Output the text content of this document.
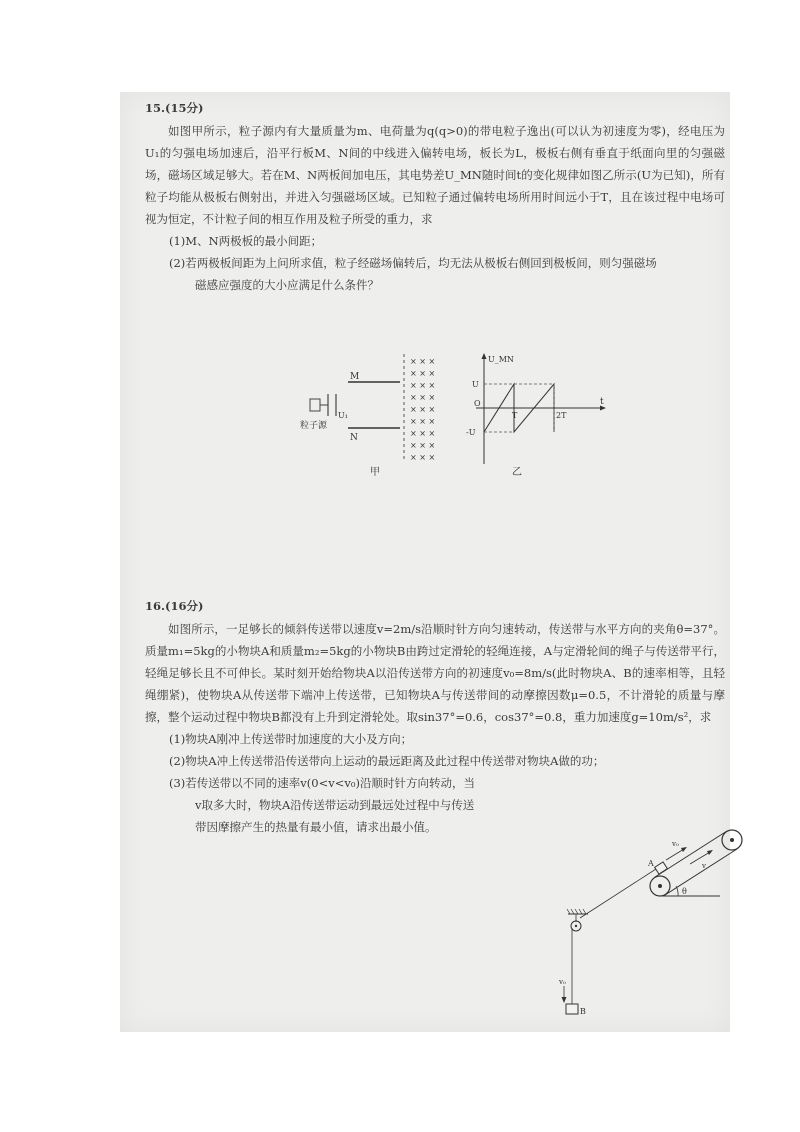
15.(15分)

如图甲所示，粒子源内有大量质量为m、电荷量为q(q>0)的带电粒子逸出(可以认为初速度为零)，经电压为U₁的匀强电场加速后，沿平行板M、N间的中线进入偏转电场，板长为L，极板右侧有垂直于纸面向里的匀强磁场，磁场区域足够大。若在M、N两板间加电压，其电势差U_MN随时间t的变化规律如图乙所示(U为已知)，所有粒子均能从极板右侧射出，并进入匀强磁场区域。已知粒子通过偏转电场所用时间远小于T，且在该过程中电场可视为恒定，不计粒子间的相互作用及粒子所受的重力，求

(1)M、N两极板的最小间距；
(2)若两极板间距为上问所求值，粒子经磁场偏转后，均无法从极板右侧回到极板间，则匀强磁场
磁感应强度的大小应满足什么条件？
× × ×
× × ×
× × ×
× × ×
× × ×
× × ×
× × ×
× × ×
× × ×
M
N
U₁
粒子源
甲
U_MN
t
U
O
-U
T	2T
乙
16.(16分)

如图所示，一足够长的倾斜传送带以速度v=2m/s沿顺时针方向匀速转动，传送带与水平方向的夹角θ=37°。质量m₁=5kg的小物块A和质量m₂=5kg的小物块B由跨过定滑轮的轻绳连接，A与定滑轮间的绳子与传送带平行，轻绳足够长且不可伸长。某时刻开始给物块A以沿传送带方向的初速度v₀=8m/s(此时物块A、B的速率相等，且轻绳绷紧)，使物块A从传送带下端冲上传送带，已知物块A与传送带间的动摩擦因数μ=0.5，不计滑轮的质量与摩擦，整个运动过程中物块B都没有上升到定滑轮处。取sin37°=0.6，cos37°=0.8，重力加速度g=10m/s²，求

(1)物块A刚冲上传送带时加速度的大小及方向；
(2)物块A冲上传送带沿传送带向上运动的最远距离及此过程中传送带对物块A做的功；
(3)若传送带以不同的速率v(0<v<v₀)沿顺时针方向转动，当
v取多大时，物块A沿传送带运动到最远处过程中与传送
带因摩擦产生的热量有最小值，请求出最小值。
θ
A
v₀
v
B
v₀
